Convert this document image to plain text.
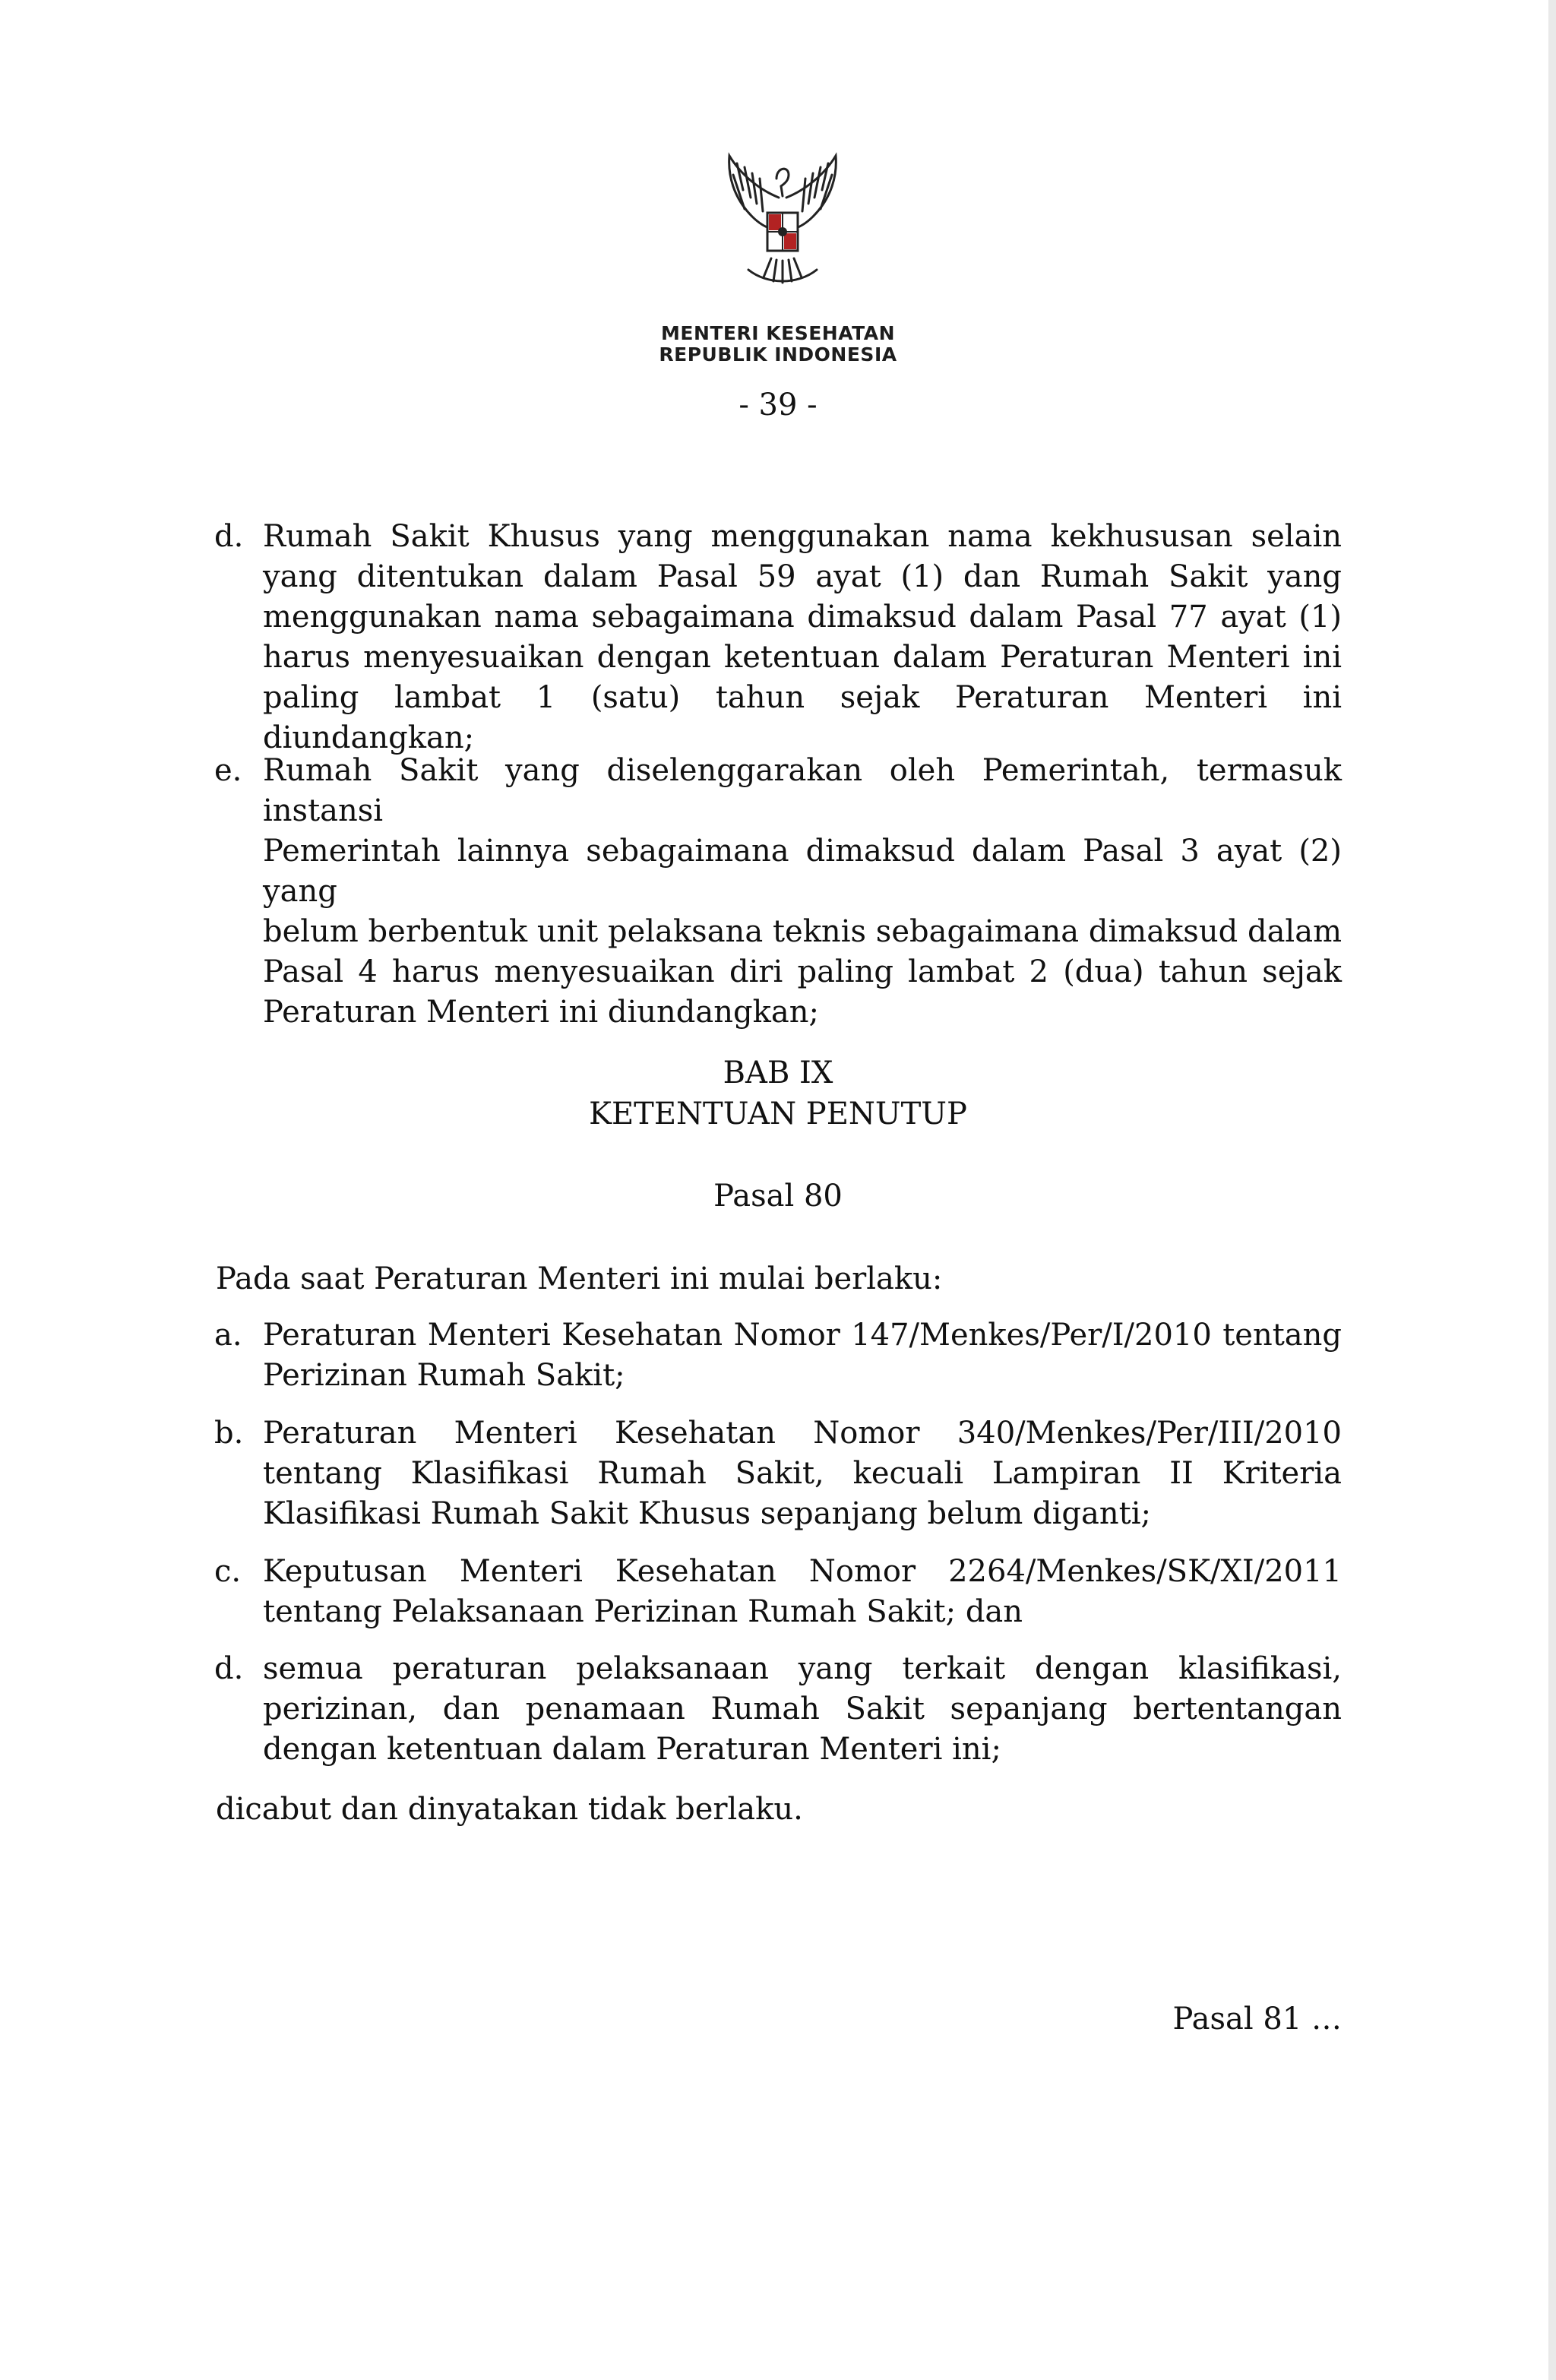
MENTERI KESEHATAN
REPUBLIK INDONESIA
- 39 -
d. Rumah Sakit Khusus yang menggunakan nama kekhususan selain
yang ditentukan dalam Pasal 59 ayat (1) dan Rumah Sakit yang
menggunakan nama sebagaimana dimaksud dalam Pasal 77 ayat (1)
harus menyesuaikan dengan ketentuan dalam Peraturan Menteri ini
paling lambat 1 (satu) tahun sejak Peraturan Menteri ini diundangkan;
e. Rumah Sakit yang diselenggarakan oleh Pemerintah, termasuk instansi
Pemerintah lainnya sebagaimana dimaksud dalam Pasal 3 ayat (2) yang
belum berbentuk unit pelaksana teknis sebagaimana dimaksud dalam
Pasal 4 harus menyesuaikan diri paling lambat 2 (dua) tahun sejak
Peraturan Menteri ini diundangkan;
BAB IX
KETENTUAN PENUTUP
Pasal 80
Pada saat Peraturan Menteri ini mulai berlaku:
a. Peraturan Menteri Kesehatan Nomor 147/Menkes/Per/I/2010 tentang
Perizinan Rumah Sakit;
b. Peraturan Menteri Kesehatan Nomor 340/Menkes/Per/III/2010
tentang Klasifikasi Rumah Sakit, kecuali Lampiran II Kriteria
Klasifikasi Rumah Sakit Khusus sepanjang belum diganti;
c. Keputusan Menteri Kesehatan Nomor 2264/Menkes/SK/XI/2011
tentang Pelaksanaan Perizinan Rumah Sakit; dan
d. semua peraturan pelaksanaan yang terkait dengan klasifikasi,
perizinan, dan penamaan Rumah Sakit sepanjang bertentangan
dengan ketentuan dalam Peraturan Menteri ini;
dicabut dan dinyatakan tidak berlaku.
Pasal 81 …
